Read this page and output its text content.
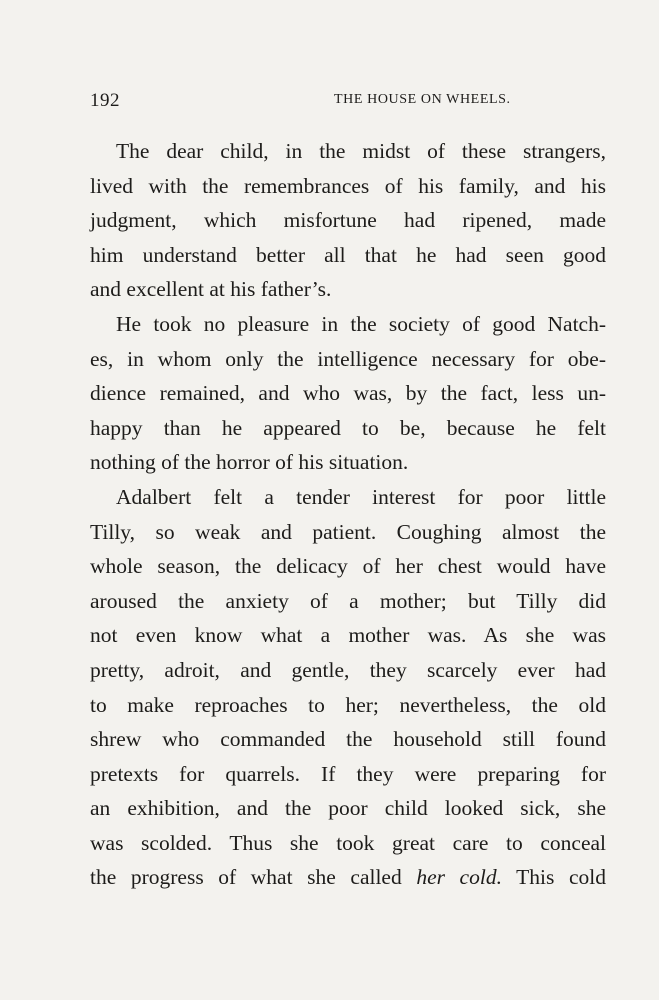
192	THE HOUSE ON WHEELS.
The dear child, in the midst of these strangers,
lived with the remembrances of his family, and his
judgment, which misfortune had ripened, made
him understand better all that he had seen good
and excellent at his father’s.
He took no pleasure in the society of good Natch-
es, in whom only the intelligence necessary for obe-
dience remained, and who was, by the fact, less un-
happy than he appeared to be, because he felt
nothing of the horror of his situation.
Adalbert felt a tender interest for poor little
Tilly, so weak and patient. Coughing almost the
whole season, the delicacy of her chest would have
aroused the anxiety of a mother; but Tilly did
not even know what a mother was. As she was
pretty, adroit, and gentle, they scarcely ever had
to make reproaches to her; nevertheless, the old
shrew who commanded the household still found
pretexts for quarrels. If they were preparing for
an exhibition, and the poor child looked sick, she
was scolded. Thus she took great care to conceal
the progress of what she called her cold. This cold
